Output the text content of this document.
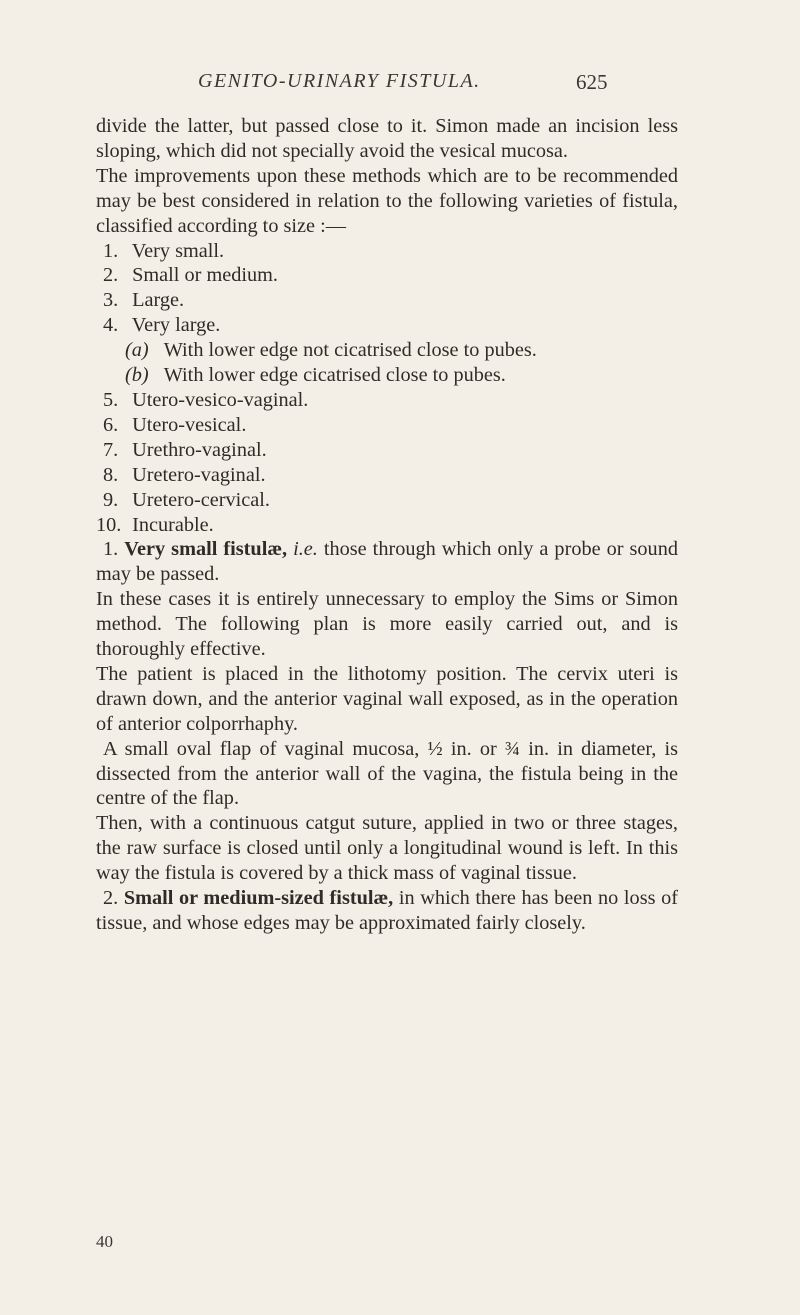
GENITO-URINARY FISTULA.	625

divide the latter, but passed close to it. Simon made an incision less sloping, which did not specially avoid the vesical mucosa.

The improvements upon these methods which are to be recommended may be best considered in relation to the following varieties of fistula, classified according to size :—

1. Very small.
2. Small or medium.
3. Large.
4. Very large.
(a) With lower edge not cicatrised close to pubes.
(b) With lower edge cicatrised close to pubes.
5. Utero-vesico-vaginal.
6. Utero-vesical.
7. Urethro-vaginal.
8. Uretero-vaginal.
9. Uretero-cervical.
10. Incurable.

1. Very small fistulæ, i.e. those through which only a probe or sound may be passed.

In these cases it is entirely unnecessary to employ the Sims or Simon method. The following plan is more easily carried out, and is thoroughly effective.

The patient is placed in the lithotomy position. The cervix uteri is drawn down, and the anterior vaginal wall exposed, as in the operation of anterior colporrhaphy.

A small oval flap of vaginal mucosa, ½ in. or ¾ in. in diameter, is dissected from the anterior wall of the vagina, the fistula being in the centre of the flap.

Then, with a continuous catgut suture, applied in two or three stages, the raw surface is closed until only a longitudinal wound is left. In this way the fistula is covered by a thick mass of vaginal tissue.

2. Small or medium-sized fistulæ, in which there has been no loss of tissue, and whose edges may be approximated fairly closely.

40
